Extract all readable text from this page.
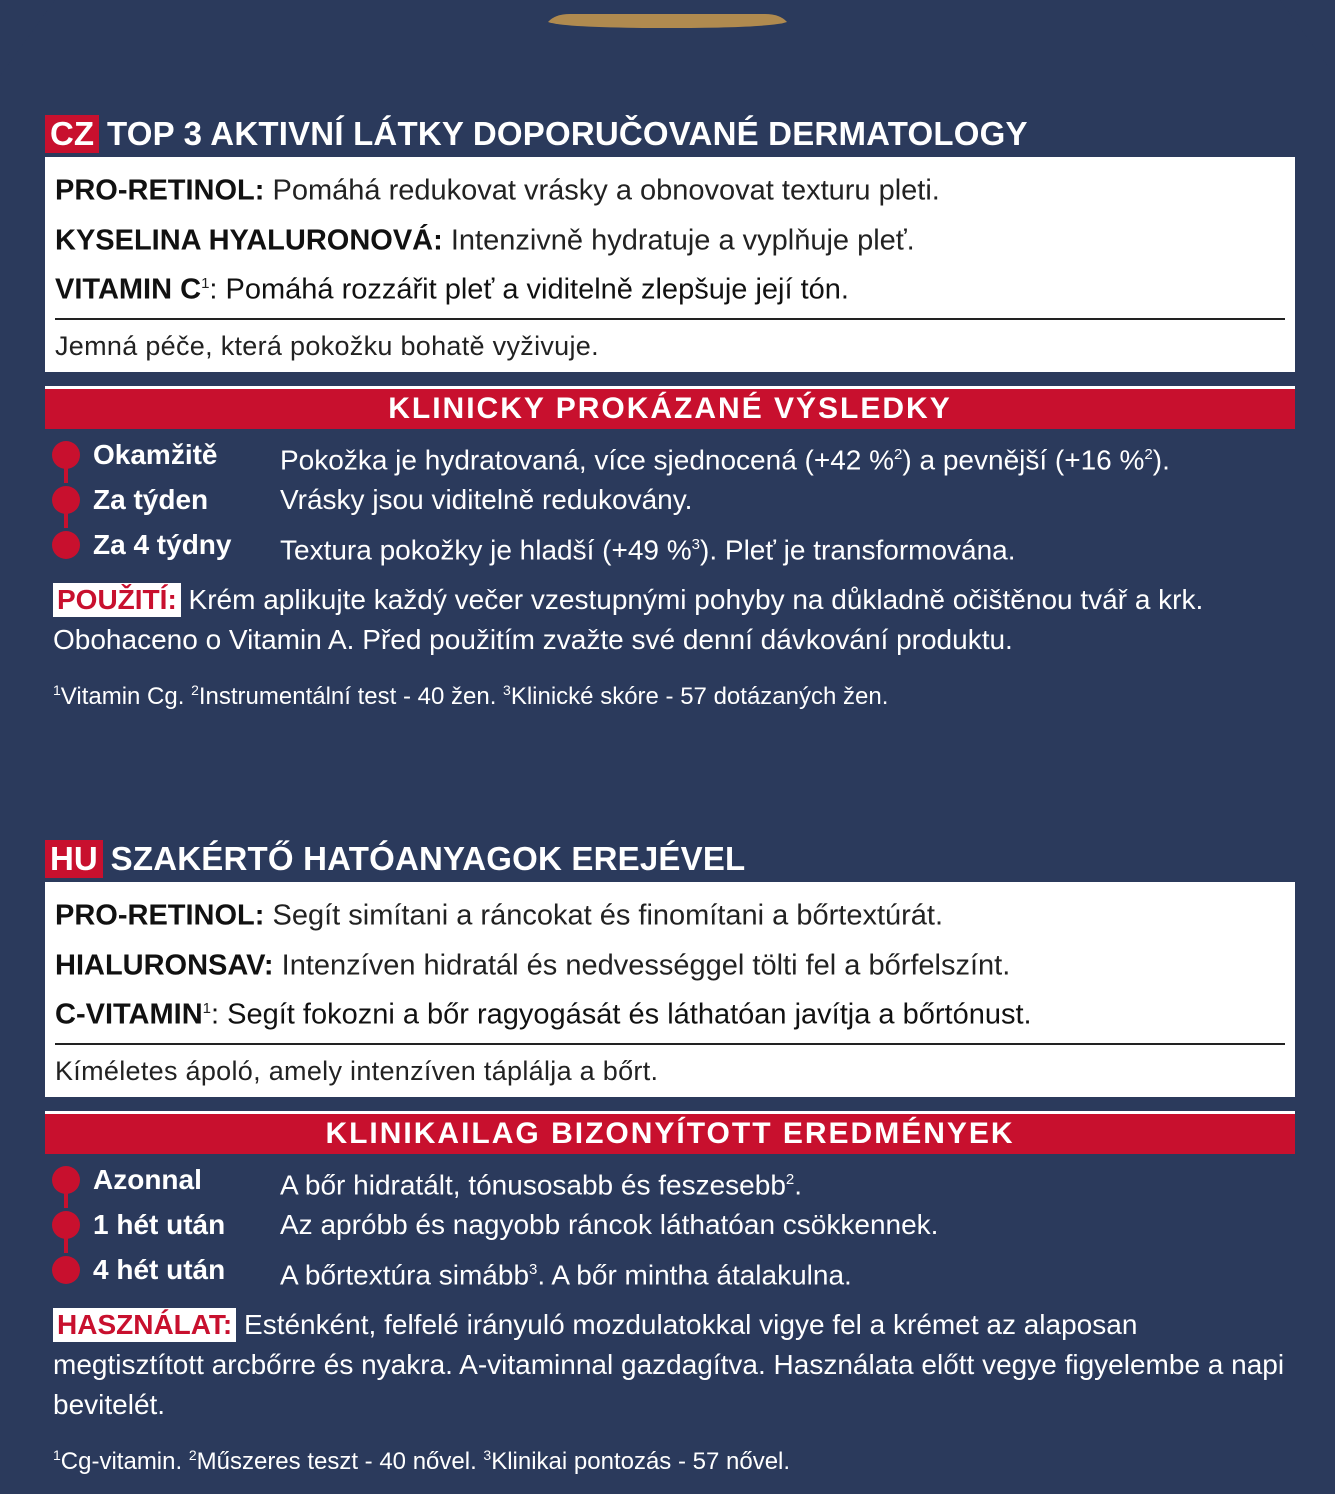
CZ TOP 3 AKTIVNÍ LÁTKY DOPORUČOVANÉ DERMATOLOGY
PRO-RETINOL: Pomáhá redukovat vrásky a obnovovat texturu pleti.
KYSELINA HYALURONOVÁ: Intenzivně hydratuje a vyplňuje pleť.
VITAMIN $C^1$: Pomáhá rozzářit pleť a viditelně zlepšuje její tón.
Jemná péče, která pokožku bohatě vyživuje.
KLINICKY PROKÁZANÉ VÝSLEDKY
Okamžitě Pokožka je hydratovaná, více sjednocená (+42 %$^2$) a pevnější (+16 %$^2$).
Za týden	Vrásky jsou viditelně redukovány.
Za 4 týdny Textura pokožky je hladší (+49 %$^3$). Pleť je transformována.
POUŽITÍ: Krém aplikujte každý večer vzestupnými pohyby na důkladně očištěnou tvář a krk. Obohaceno o Vitamin A. Před použitím zvažte své denní dávkování produktu.
$^1$Vitamin Cg. $^2$Instrumentální test - 40 žen. $^3$Klinické skóre - 57 dotázaných žen.
HU SZAKÉRTŐ HATÓANYAGOK EREJÉVEL
PRO-RETINOL: Segít simítani a ráncokat és finomítani a bőrtextúrát.
HIALURONSAV: Intenzíven hidratál és nedvességgel tölti fel a bőrfelszínt.
C-VITAMIN$^1$: Segít fokozni a bőr ragyogását és láthatóan javítja a bőrtónust.
Kíméletes ápoló, amely intenzíven táplálja a bőrt.
KLINIKAILAG BIZONYÍTOTT EREDMÉNYEK
Azonnal	A bőr hidratált, tónusosabb és feszesebb$^2$.
1 hét után Az apróbb és nagyobb ráncok láthatóan csökkennek.
4 hét után A bőrtextúra simább$^3$. A bőr mintha átalakulna.
HASZNÁLAT: Esténként, felfelé irányuló mozdulatokkal vigye fel a krémet az alaposan megtisztított arcbőrre és nyakra. A-vitaminnal gazdagítva. Használata előtt vegye figyelembe a napi bevitelét.
$^1$Cg-vitamin. $^2$Műszeres teszt - 40 nővel. $^3$Klinikai pontozás - 57 nővel.
